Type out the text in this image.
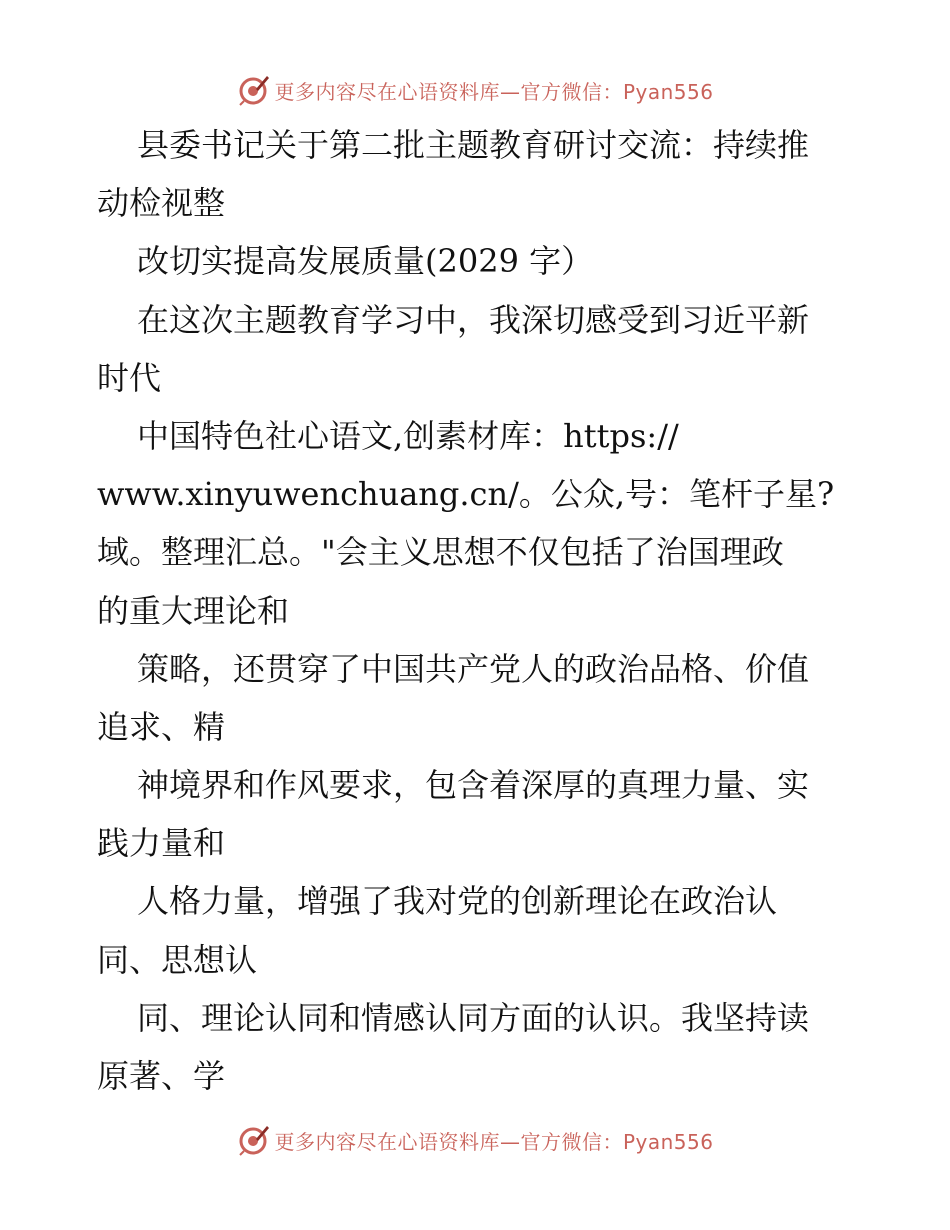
更多内容尽在心语资料库—官方微信：Pyan556
县委书记关于第二批主题教育研讨交流：持续推
动检视整
改切实提高发展质量(2029 字）
在这次主题教育学习中，我深切感受到习近平新
时代
中国特色社心语文,创素材库：https://
www.xinyuwenchuang.cn/。公众,号：笔杆子星?
域。整理汇总。"会主义思想不仅包括了治国理政
的重大理论和
策略，还贯穿了中国共产党人的政治品格、价值
追求、精
神境界和作风要求，包含着深厚的真理力量、实
践力量和
人格力量，增强了我对党的创新理论在政治认
同、思想认
同、理论认同和情感认同方面的认识。我坚持读
原著、学
更多内容尽在心语资料库—官方微信：Pyan556
